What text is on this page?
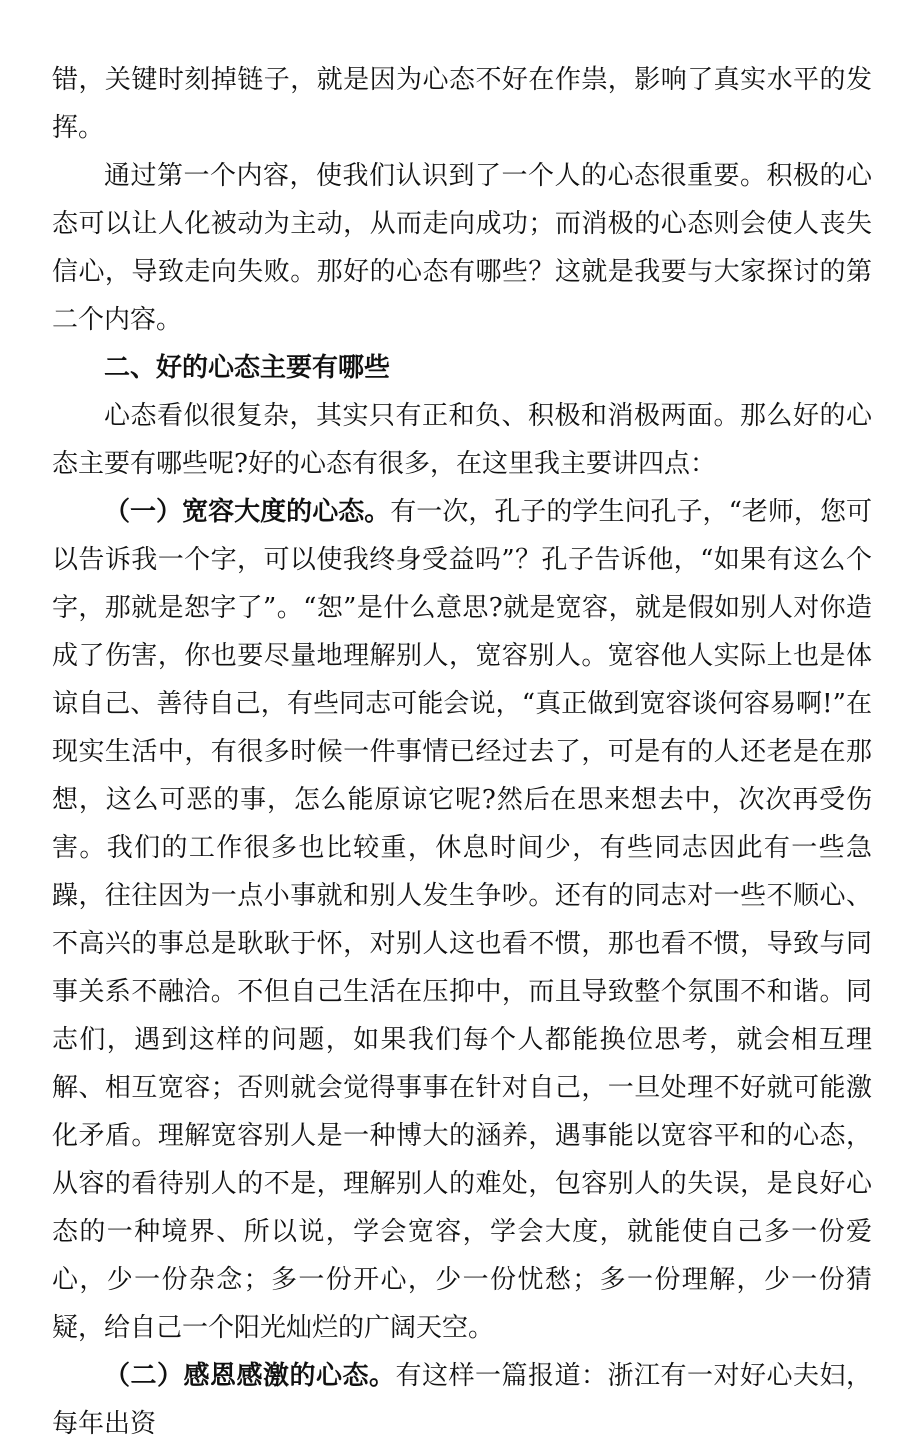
错，关键时刻掉链子，就是因为心态不好在作祟，影响了真实水平的发挥。

通过第一个内容，使我们认识到了一个人的心态很重要。积极的心态可以让人化被动为主动，从而走向成功；而消极的心态则会使人丧失信心，导致走向失败。那好的心态有哪些？这就是我要与大家探讨的第二个内容。

二、好的心态主要有哪些

心态看似很复杂，其实只有正和负、积极和消极两面。那么好的心态主要有哪些呢?好的心态有很多，在这里我主要讲四点：

（一）宽容大度的心态。有一次，孔子的学生问孔子，“老师，您可以告诉我一个字，可以使我终身受益吗”？孔子告诉他，“如果有这么个字，那就是恕字了”。“恕”是什么意思?就是宽容，就是假如别人对你造成了伤害，你也要尽量地理解别人，宽容别人。宽容他人实际上也是体谅自己、善待自己，有些同志可能会说，“真正做到宽容谈何容易啊!”在现实生活中，有很多时候一件事情已经过去了，可是有的人还老是在那想，这么可恶的事，怎么能原谅它呢?然后在思来想去中，次次再受伤害。我们的工作很多也比较重，休息时间少，有些同志因此有一些急躁，往往因为一点小事就和别人发生争吵。还有的同志对一些不顺心、不高兴的事总是耿耿于怀，对别人这也看不惯，那也看不惯，导致与同事关系不融洽。不但自己生活在压抑中，而且导致整个氛围不和谐。同志们，遇到这样的问题，如果我们每个人都能换位思考，就会相互理解、相互宽容；否则就会觉得事事在针对自己，一旦处理不好就可能激化矛盾。理解宽容别人是一种博大的涵养，遇事能以宽容平和的心态，从容的看待别人的不是，理解别人的难处，包容别人的失误，是良好心态的一种境界、所以说，学会宽容，学会大度，就能使自己多一份爱心，少一份杂念；多一份开心，少一份忧愁；多一份理解，少一份猜疑，给自己一个阳光灿烂的广阔天空。

（二）感恩感激的心态。有这样一篇报道：浙江有一对好心夫妇，每年出资
